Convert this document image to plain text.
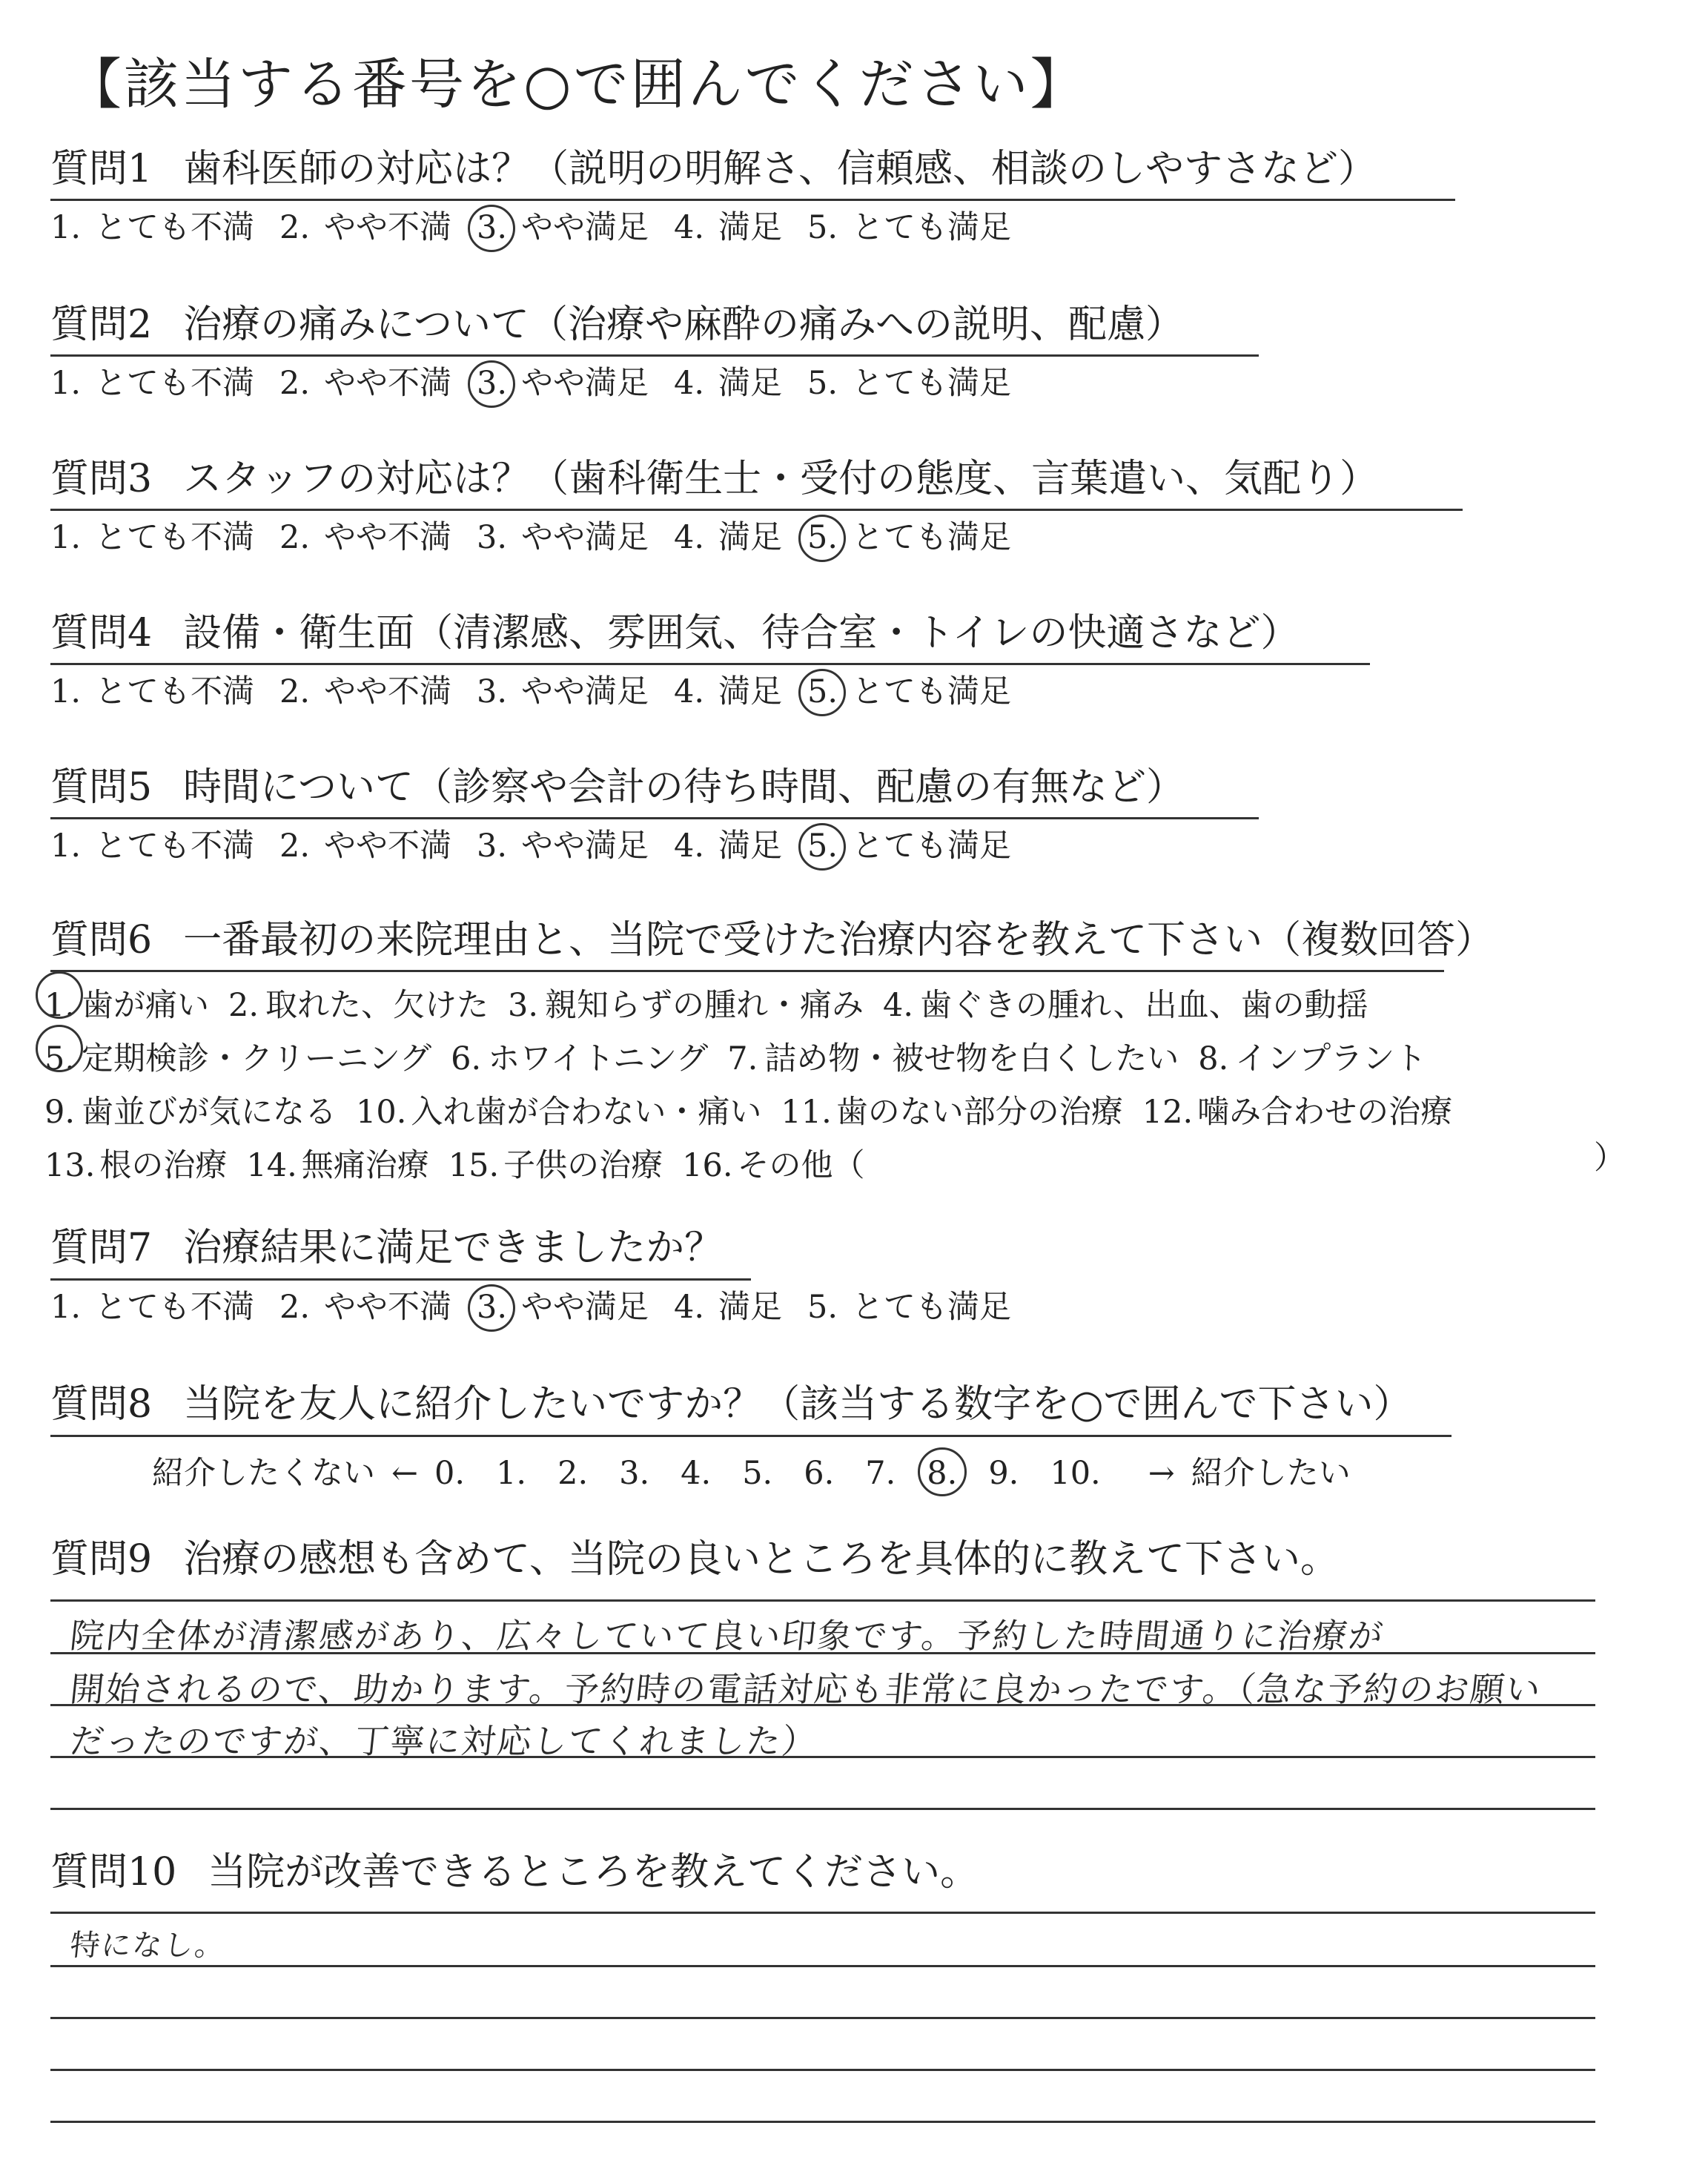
【該当する番号を○で囲んでください】
質問1 歯科医師の対応は？（説明の明解さ、信頼感、相談のしやすさなど）
1. とても不満 2. やや不満 3. やや満足 4. 満足 5. とても満足
質問2 治療の痛みについて（治療や麻酔の痛みへの説明、配慮）
1. とても不満 2. やや不満 3. やや満足 4. 満足 5. とても満足
質問3 スタッフの対応は？（歯科衛生士・受付の態度、言葉遣い、気配り）
1. とても不満 2. やや不満 3. やや満足 4. 満足 5. とても満足
質問4 設備・衛生面（清潔感、雰囲気、待合室・トイレの快適さなど）
1. とても不満 2. やや不満 3. やや満足 4. 満足 5. とても満足
質問5 時間について（診察や会計の待ち時間、配慮の有無など）
1. とても不満 2. やや不満 3. やや満足 4. 満足 5. とても満足
質問6 一番最初の来院理由と、当院で受けた治療内容を教えて下さい（複数回答）
1. 歯が痛い 2. 取れた、欠けた 3. 親知らずの腫れ・痛み 4. 歯ぐきの腫れ、出血、歯の動揺
5. 定期検診・クリーニング 6. ホワイトニング 7. 詰め物・被せ物を白くしたい 8. インプラント
9. 歯並びが気になる 10. 入れ歯が合わない・痛い 11. 歯のない部分の治療 12. 噛み合わせの治療
13. 根の治療 14. 無痛治療 15. 子供の治療 16. その他（	）
質問7 治療結果に満足できましたか？
1. とても不満 2. やや不満 3. やや満足 4. 満足 5. とても満足
質問8 当院を友人に紹介したいですか？（該当する数字を○で囲んで下さい）
紹介したくない ← 0. 1. 2. 3. 4. 5. 6. 7. 8. 9. 10. → 紹介したい
質問9 治療の感想も含めて、当院の良いところを具体的に教えて下さい。
院内全体が清潔感があり、広々していて良い印象です。予約した時間通りに治療が
開始されるので、助かります。予約時の電話対応も非常に良かったです。（急な予約のお願い
だったのですが、丁寧に対応してくれました）
質問10 当院が改善できるところを教えてください。
特になし。
